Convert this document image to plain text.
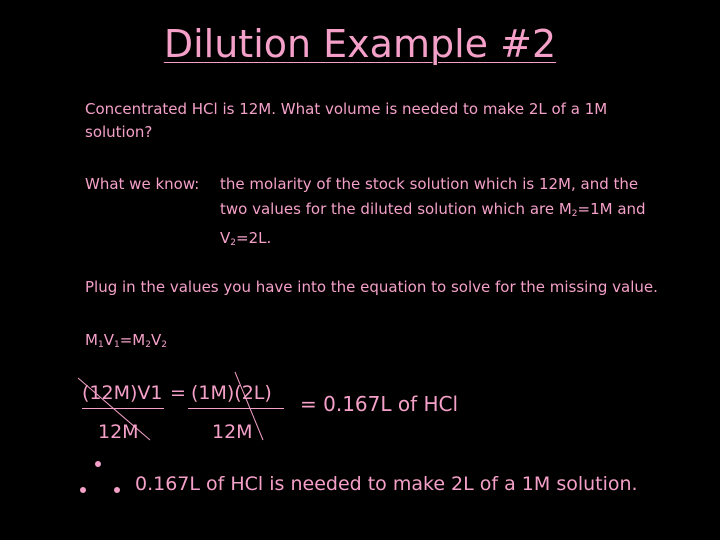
Dilution Example #2
Concentrated HCl is 12M. What volume is needed to make 2L of a 1M
solution?
What we know: the molarity of the stock solution which is 12M, and the
two values for the diluted solution which are $M_2=1M$ and
$V_2=2L$.
Plug in the values you have into the equation to solve for the missing value.
$M_1V_1=M_2V_2$
(12M)V1 = (1M)(2L) = 0.167L of HCl
12M	12M
0.167L of HCl is needed to make 2L of a 1M solution.
